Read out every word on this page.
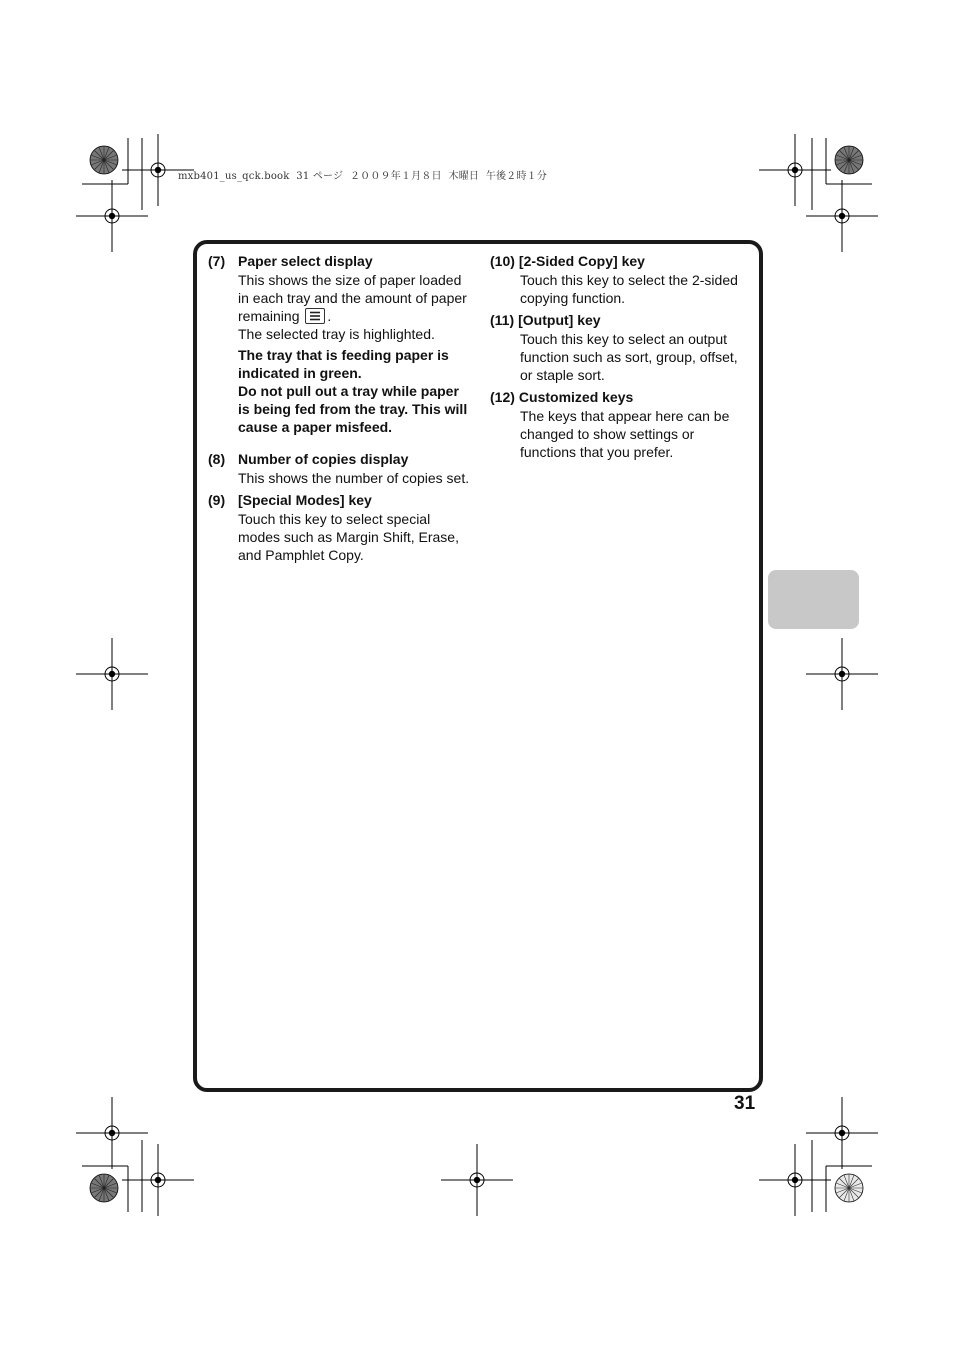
mxb401_us_qck.book  31 ページ  ２００９年１月８日  木曜日  午後２時１分
(7) Paper select display

This shows the size of paper loaded in each tray and the amount of paper remaining .

The selected tray is highlighted.

The tray that is feeding paper is indicated in green.

Do not pull out a tray while paper is being fed from the tray. This will cause a paper misfeed.

(8) Number of copies display

This shows the number of copies set.

(9) [Special Modes] key

Touch this key to select special modes such as Margin Shift, Erase, and Pamphlet Copy.

(10) [2-Sided Copy] key

Touch this key to select the 2-sided copying function.

(11) [Output] key

Touch this key to select an output function such as sort, group, offset, or staple sort.

(12) Customized keys

The keys that appear here can be changed to show settings or functions that you prefer.

31
